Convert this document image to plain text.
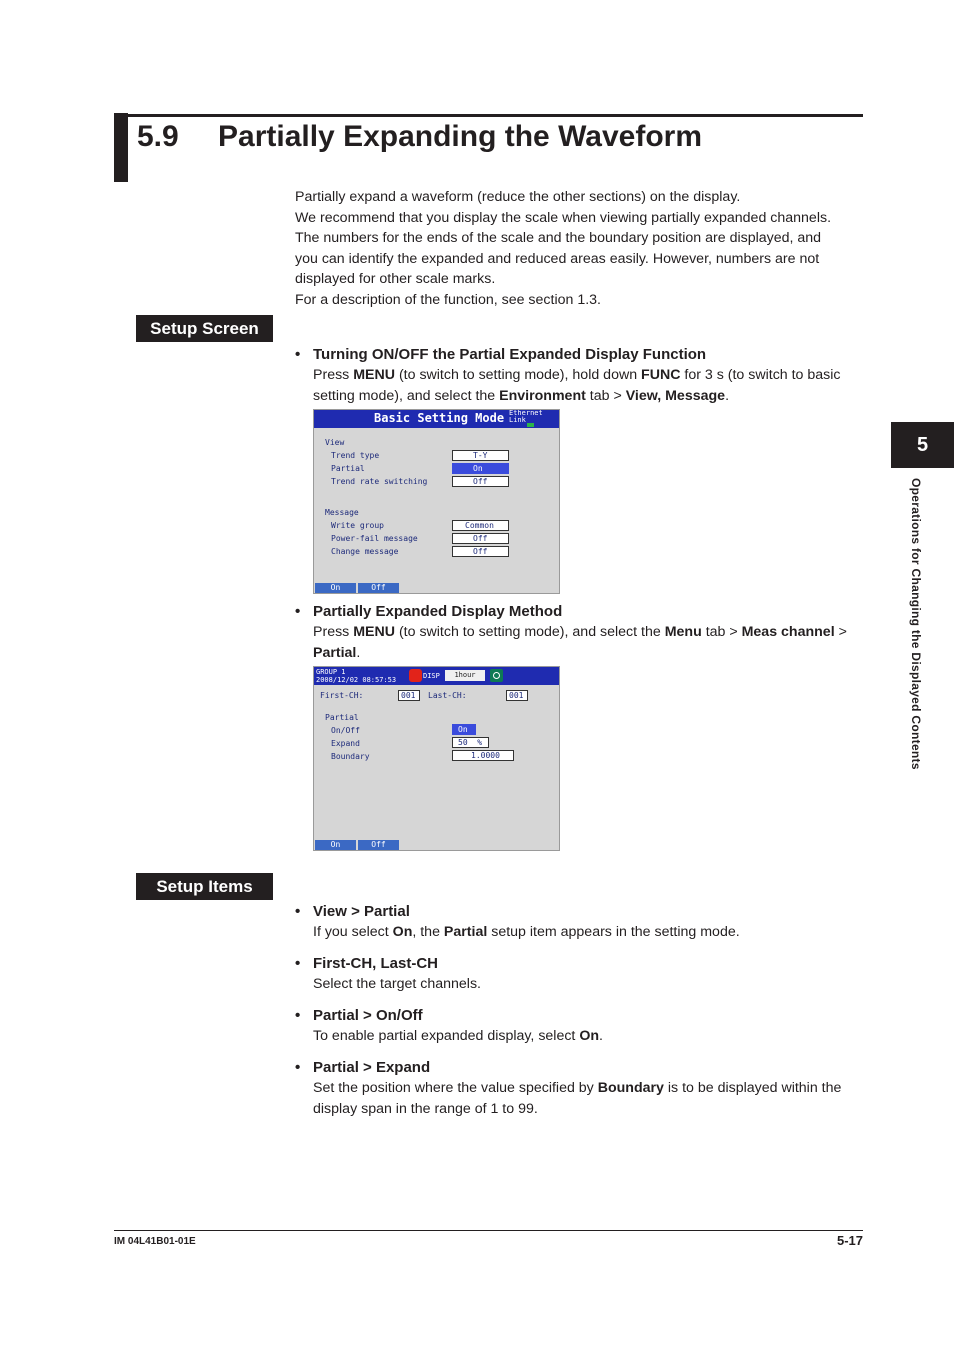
5.9 Partially Expanding the Waveform

Partially expand a waveform (reduce the other sections) on the display.

We recommend that you display the scale when viewing partially expanded channels.

The numbers for the ends of the scale and the boundary position are displayed, and

you can identify the expanded and reduced areas easily. However, numbers are not

displayed for other scale marks.

For a description of the function, see section 1.3.

Setup Screen
• Turning ON/OFF the Partial Expanded Display Function
Press MENU (to switch to setting mode), hold down FUNC for 3 s (to switch to basic
setting mode), and select the Environment tab > View, Message.
Basic Setting Mode Ethernet Link
View
Trend type	T-Y
Partial	On
Trend rate switching	Off
Message
Write group	Common
Power-fail message	Off
Change message	Off
On	Off
• Partially Expanded Display Method
Press MENU (to switch to setting mode), and select the Menu tab > Meas channel >
Partial.
GROUP 1
2008/12/02 08:57:53	DISP	1hour
First-CH:	001	Last-CH:	001
Partial
On/Off	On
Expand	50 %
Boundary	1.0000
On	Off
Setup Items
• View > Partial
If you select On, the Partial setup item appears in the setting mode.
• First-CH, Last-CH
Select the target channels.
• Partial > On/Off
To enable partial expanded display, select On.
• Partial > Expand
Set the position where the value specified by Boundary is to be displayed within the
display span in the range of 1 to 99.
5
Operations for Changing the Displayed Contents
IM 04L41B01-01E	5-17
